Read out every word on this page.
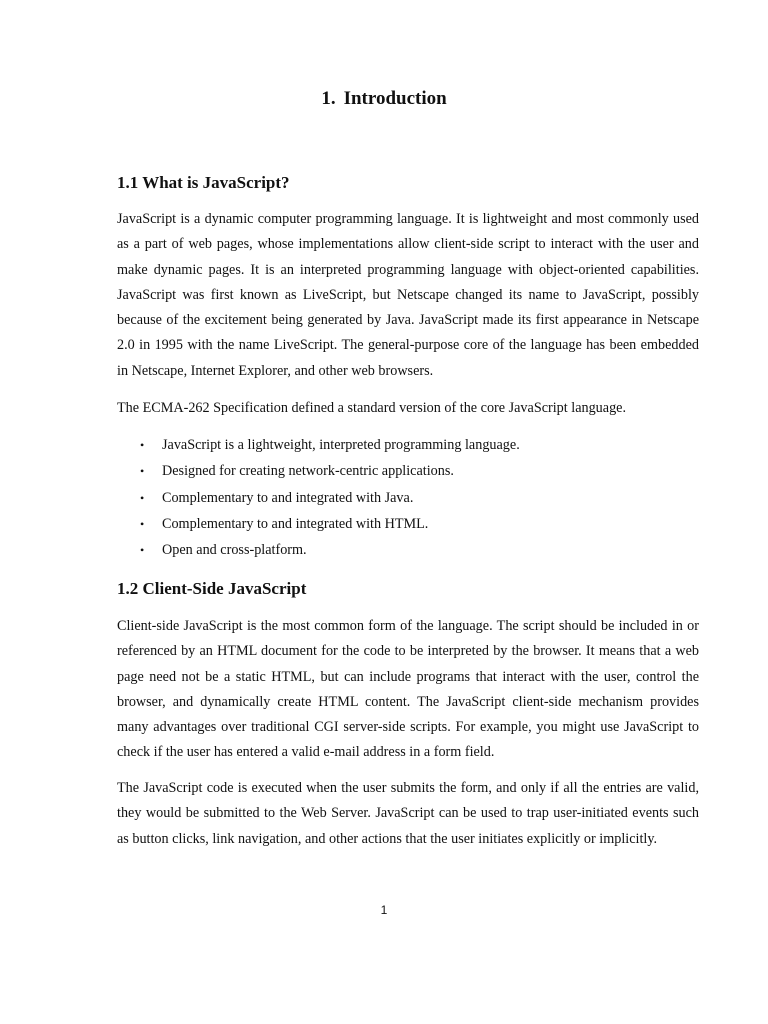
1. Introduction
1.1 What is JavaScript?

JavaScript is a dynamic computer programming language. It is lightweight and most commonly used as a part of web pages, whose implementations allow client-side script to interact with the user and make dynamic pages. It is an interpreted programming language with object-oriented capabilities. JavaScript was first known as LiveScript, but Netscape changed its name to JavaScript, possibly because of the excitement being generated by Java. JavaScript made its first appearance in Netscape 2.0 in 1995 with the name LiveScript. The general-purpose core of the language has been embedded in Netscape, Internet Explorer, and other web browsers.

The ECMA-262 Specification defined a standard version of the core JavaScript language.

• JavaScript is a lightweight, interpreted programming language.
• Designed for creating network-centric applications.
• Complementary to and integrated with Java.
• Complementary to and integrated with HTML.
• Open and cross-platform.
1.2 Client-Side JavaScript

Client-side JavaScript is the most common form of the language. The script should be included in or referenced by an HTML document for the code to be interpreted by the browser. It means that a web page need not be a static HTML, but can include programs that interact with the user, control the browser, and dynamically create HTML content. The JavaScript client-side mechanism provides many advantages over traditional CGI server-side scripts. For example, you might use JavaScript to check if the user has entered a valid e-mail address in a form field.

The JavaScript code is executed when the user submits the form, and only if all the entries are valid, they would be submitted to the Web Server. JavaScript can be used to trap user-initiated events such as button clicks, link navigation, and other actions that the user initiates explicitly or implicitly.

1
